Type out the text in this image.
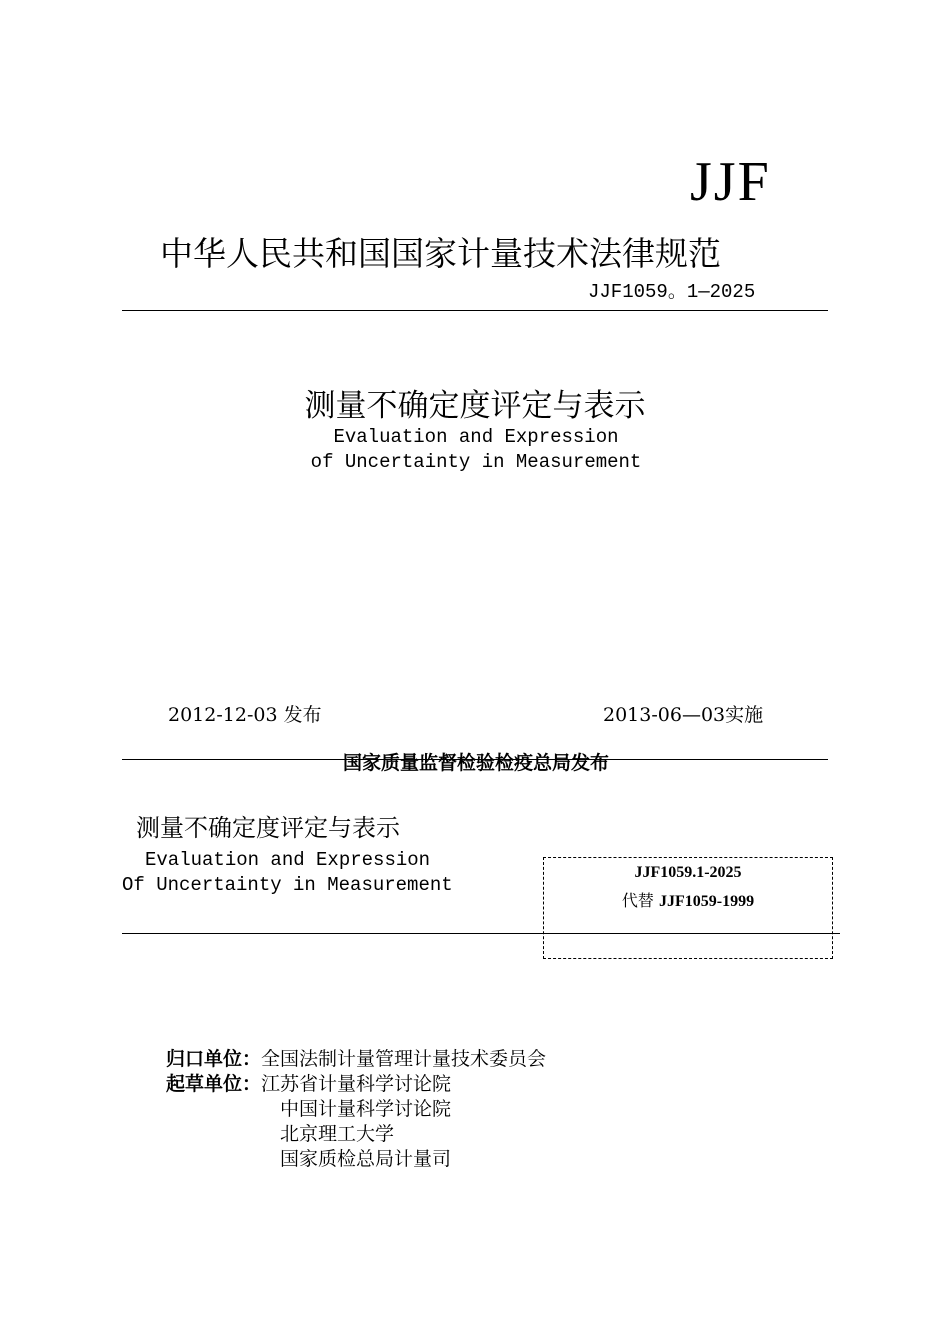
JJF
中华人民共和国国家计量技术法律规范
JJF1059。1—2025
测量不确定度评定与表示
Evaluation and Expression
of Uncertainty in Measurement
2012-12-03 发布	2013-06—03实施
国家质量监督检验检疫总局发布
测量不确定度评定与表示
Evaluation and Expression
Of Uncertainty in Measurement
JJF1059.1-2025
代替 JJF1059-1999
归口单位：全国法制计量管理计量技术委员会
起草单位：江苏省计量科学讨论院
中国计量科学讨论院
北京理工大学
国家质检总局计量司
